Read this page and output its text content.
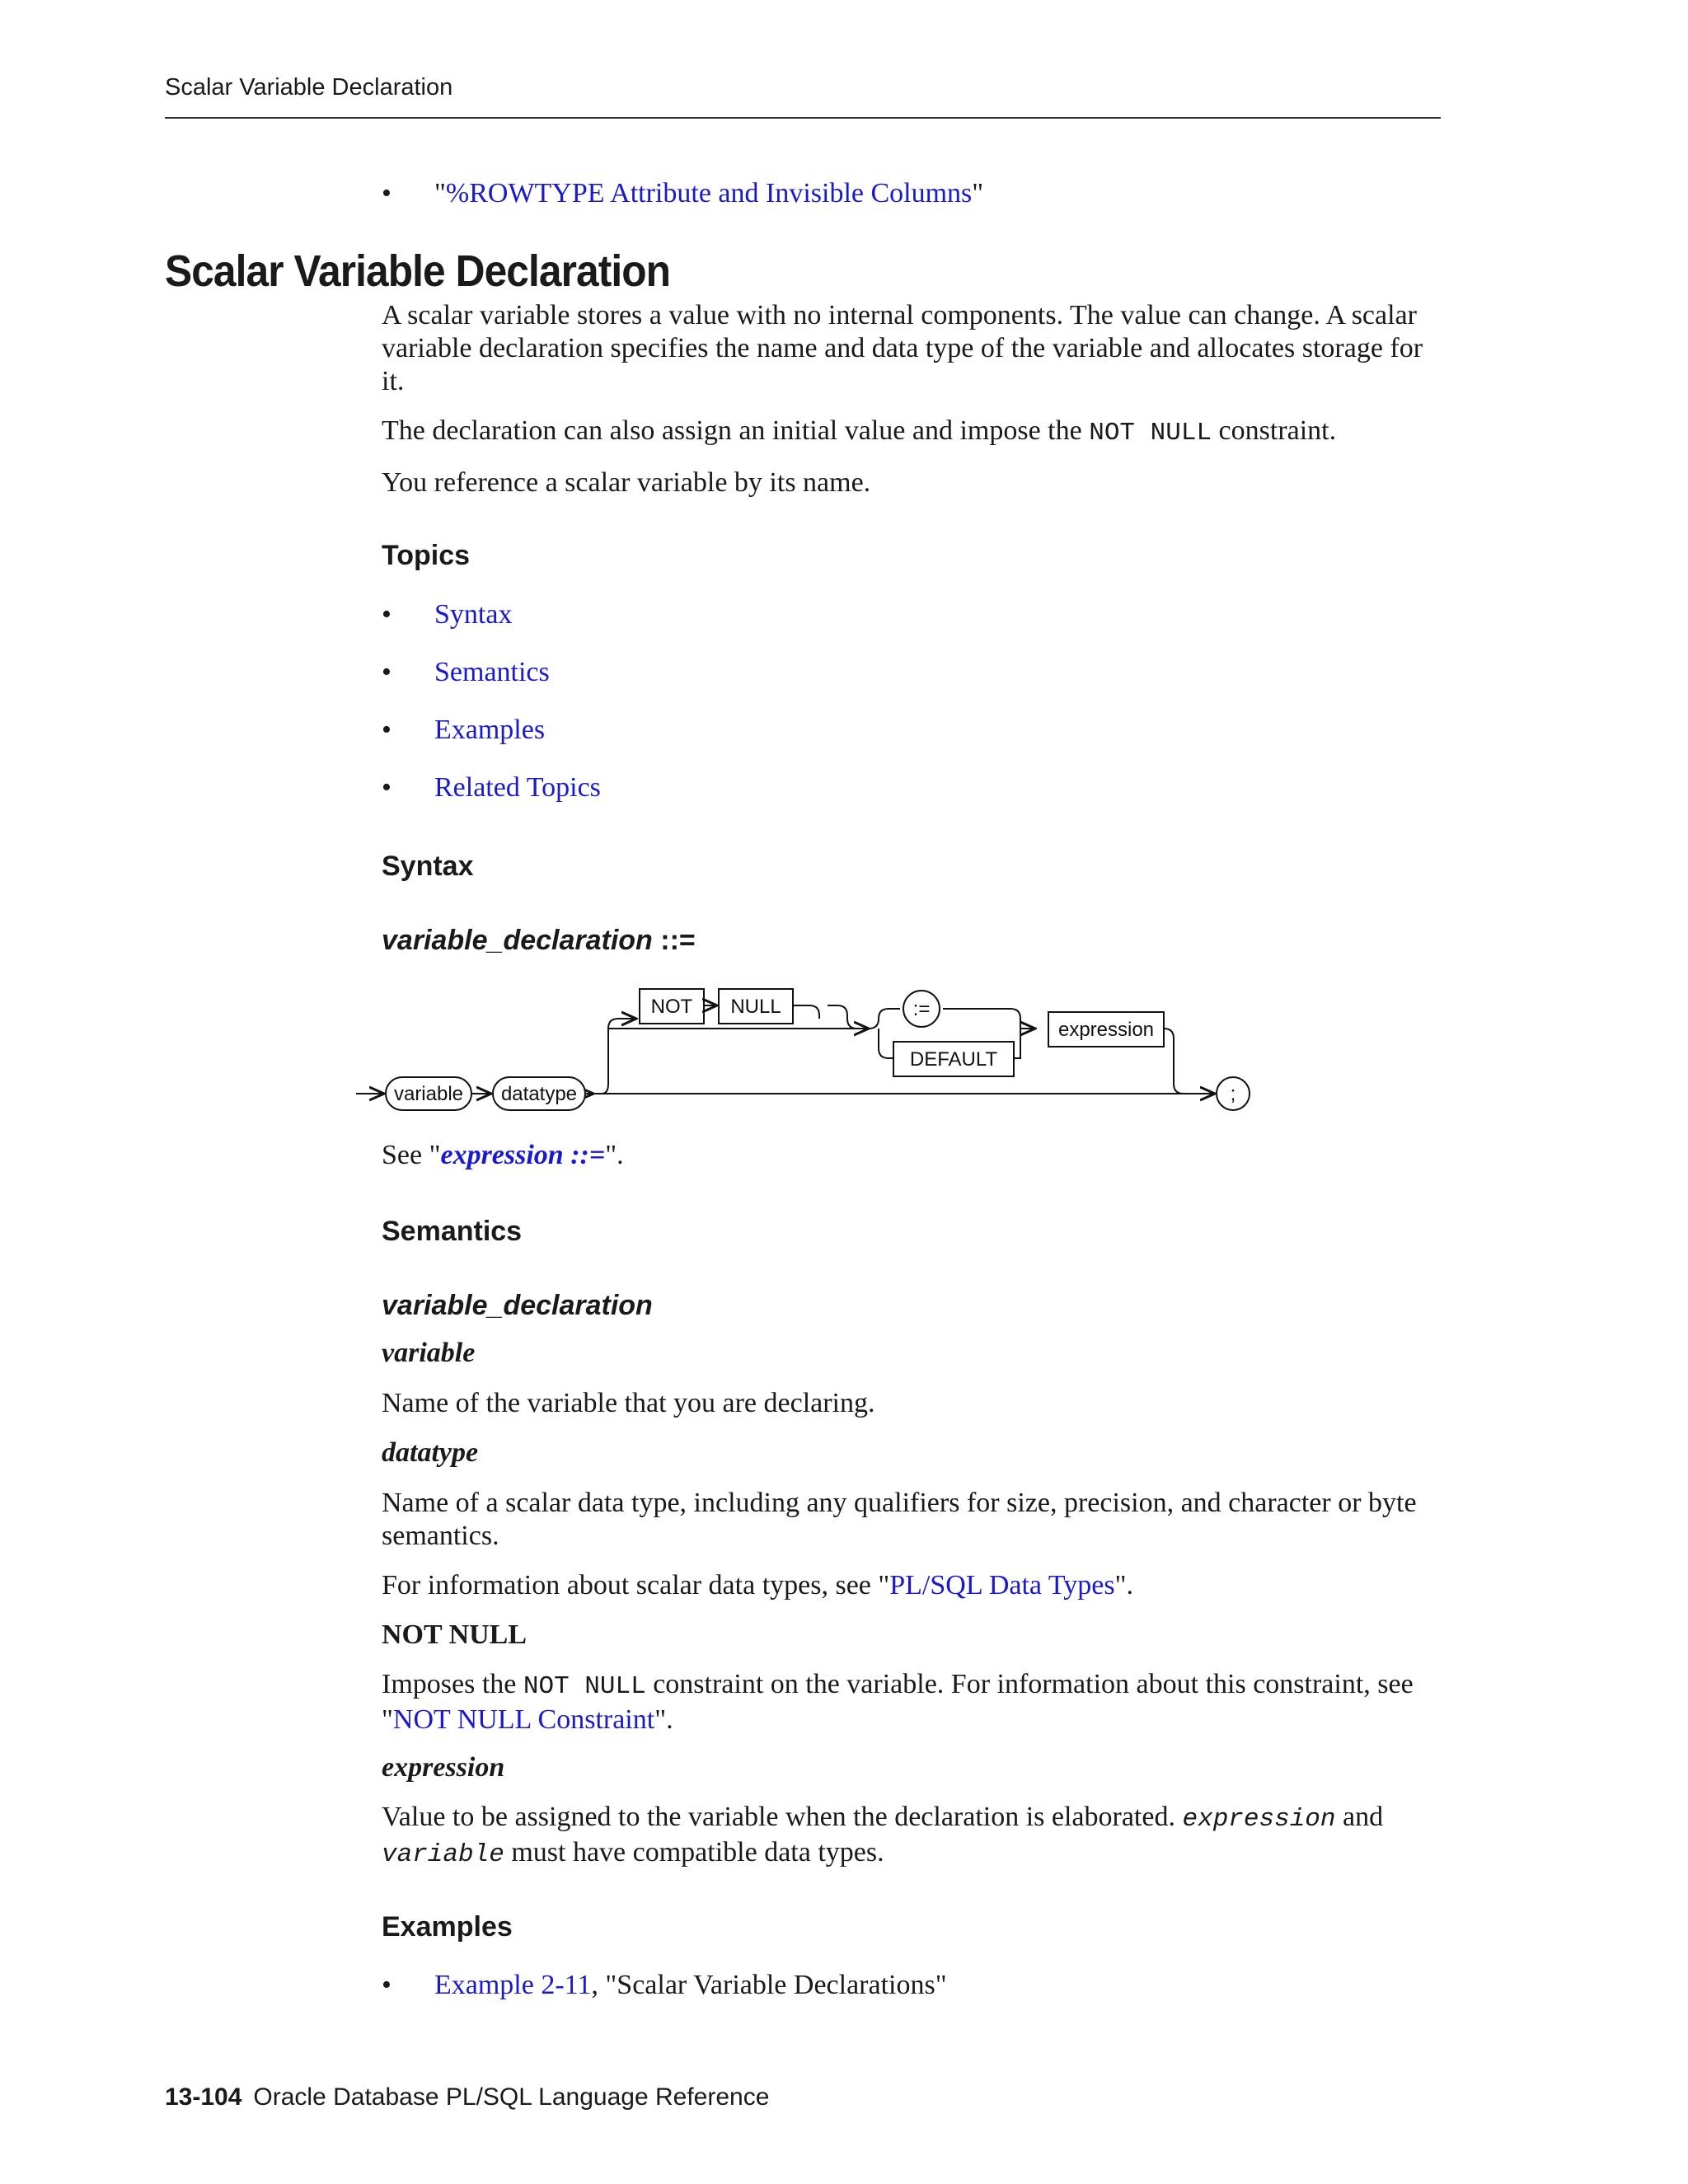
Scalar Variable Declaration
• "%ROWTYPE Attribute and Invisible Columns"
Scalar Variable Declaration

A scalar variable stores a value with no internal components. The value can change. A scalar variable declaration specifies the name and data type of the variable and allocates storage for it.

The declaration can also assign an initial value and impose the NOT NULL constraint.

You reference a scalar variable by its name.

Topics
• Syntax
• Semantics
• Examples
• Related Topics
Syntax
variable_declaration ::=
variable datatype
NOT NULL	:=
DEFAULT
expression
;

See "expression ::=".

Semantics
variable_declaration
variable

Name of the variable that you are declaring.

datatype

Name of a scalar data type, including any qualifiers for size, precision, and character or byte semantics.

For information about scalar data types, see "PL/SQL Data Types".

NOT NULL

Imposes the NOT NULL constraint on the variable. For information about this constraint, see "NOT NULL Constraint".

expression

Value to be assigned to the variable when the declaration is elaborated. expression and variable must have compatible data types.

Examples
• Example 2-11, "Scalar Variable Declarations"
13-104 Oracle Database PL/SQL Language Reference
